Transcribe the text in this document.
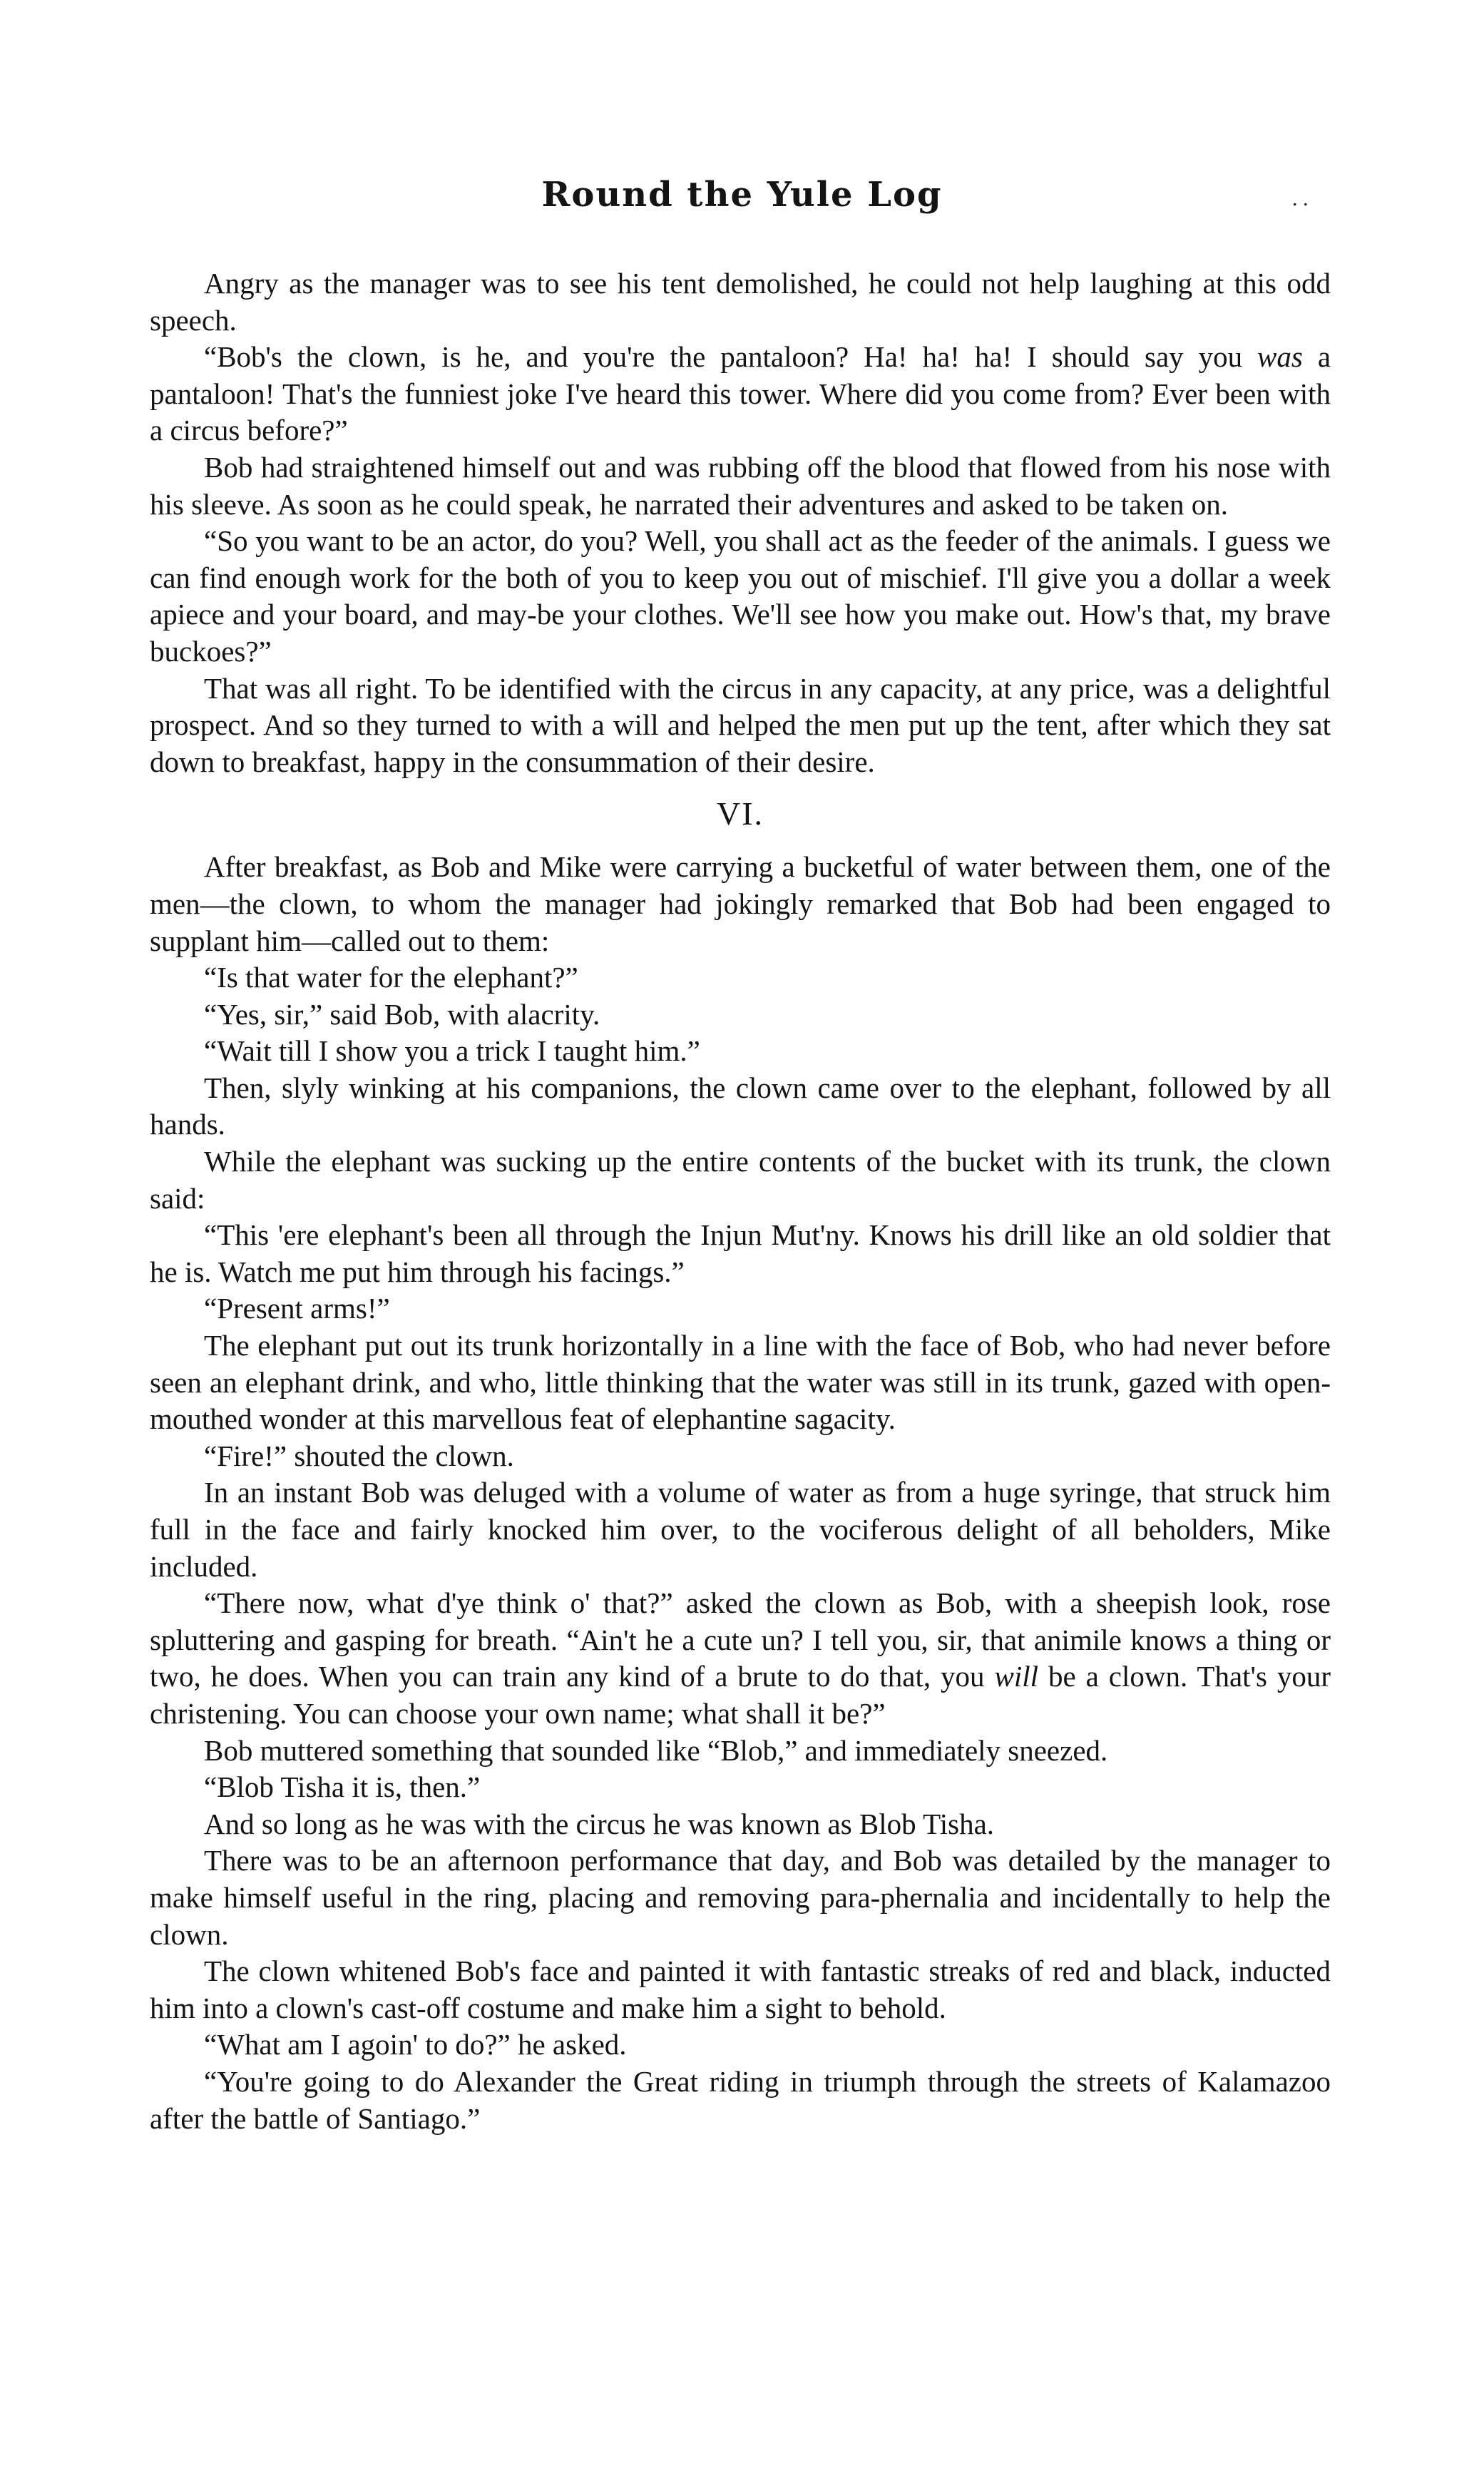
Round the Yule Log	. .

Angry as the manager was to see his tent demolished, he could not help laughing at this odd speech.

“Bob's the clown, is he, and you're the pantaloon? Ha! ha! ha! I should say you was a pantaloon! That's the funniest joke I've heard this tower. Where did you come from? Ever been with a circus before?”

Bob had straightened himself out and was rubbing off the blood that flowed from his nose with his sleeve. As soon as he could speak, he narrated their adventures and asked to be taken on.

“So you want to be an actor, do you? Well, you shall act as the feeder of the animals. I guess we can find enough work for the both of you to keep you out of mischief. I'll give you a dollar a week apiece and your board, and may-be your clothes. We'll see how you make out. How's that, my brave buckoes?”

That was all right. To be identified with the circus in any capacity, at any price, was a delightful prospect. And so they turned to with a will and helped the men put up the tent, after which they sat down to breakfast, happy in the consummation of their desire.

VI.

After breakfast, as Bob and Mike were carrying a bucketful of water between them, one of the men—the clown, to whom the manager had jokingly remarked that Bob had been engaged to supplant him—called out to them:

“Is that water for the elephant?”

“Yes, sir,” said Bob, with alacrity.

“Wait till I show you a trick I taught him.”

Then, slyly winking at his companions, the clown came over to the elephant, followed by all hands.

While the elephant was sucking up the entire contents of the bucket with its trunk, the clown said:

“This 'ere elephant's been all through the Injun Mut'ny. Knows his drill like an old soldier that he is. Watch me put him through his facings.”

“Present arms!”

The elephant put out its trunk horizontally in a line with the face of Bob, who had never before seen an elephant drink, and who, little thinking that the water was still in its trunk, gazed with open-mouthed wonder at this marvellous feat of elephantine sagacity.

“Fire!” shouted the clown.

In an instant Bob was deluged with a volume of water as from a huge syringe, that struck him full in the face and fairly knocked him over, to the vociferous delight of all beholders, Mike included.

“There now, what d'ye think o' that?” asked the clown as Bob, with a sheepish look, rose spluttering and gasping for breath. “Ain't he a cute un? I tell you, sir, that animile knows a thing or two, he does. When you can train any kind of a brute to do that, you will be a clown. That's your christening. You can choose your own name; what shall it be?”

Bob muttered something that sounded like “Blob,” and immediately sneezed.

“Blob Tisha it is, then.”

And so long as he was with the circus he was known as Blob Tisha.

There was to be an afternoon performance that day, and Bob was detailed by the manager to make himself useful in the ring, placing and removing para-phernalia and incidentally to help the clown.

The clown whitened Bob's face and painted it with fantastic streaks of red and black, inducted him into a clown's cast-off costume and make him a sight to behold.

“What am I agoin' to do?” he asked.

“You're going to do Alexander the Great riding in triumph through the streets of Kalamazoo after the battle of Santiago.”
